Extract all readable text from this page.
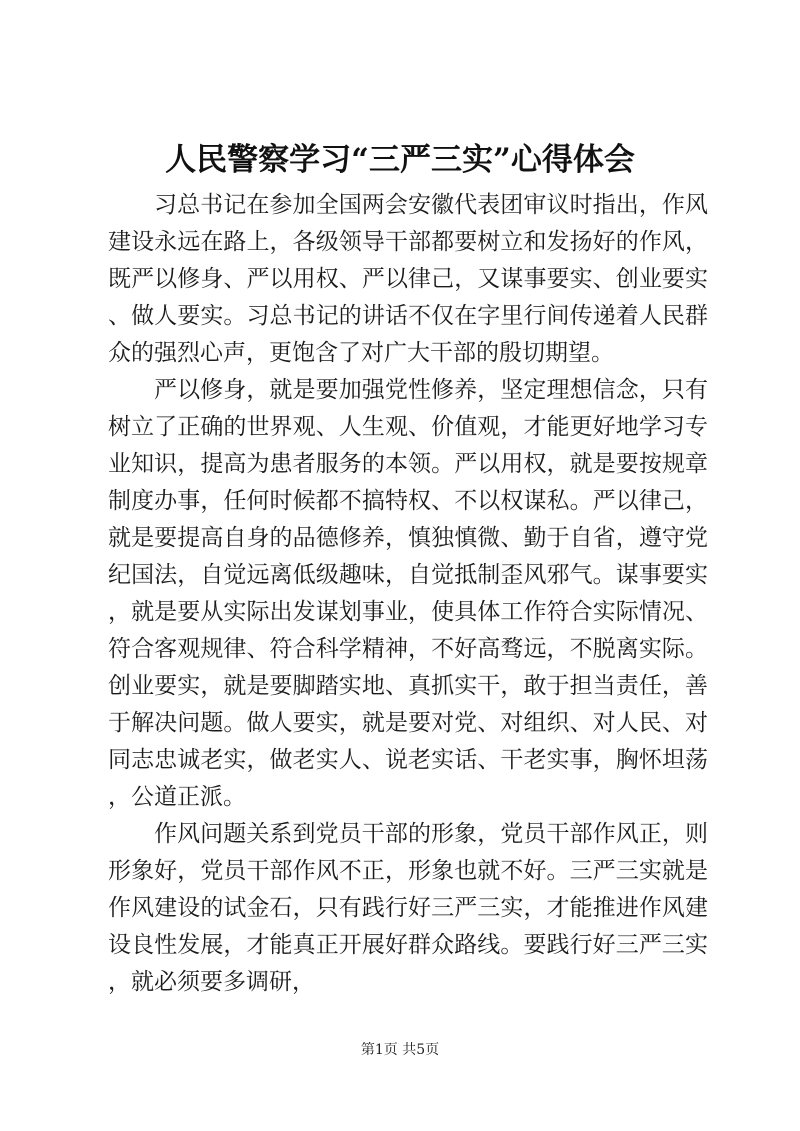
人民警察学习“三严三实”心得体会

习总书记在参加全国两会安徽代表团审议时指出，作风建设永远在路上，各级领导干部都要树立和发扬好的作风，既严以修身、严以用权、严以律己，又谋事要实、创业要实、做人要实。习总书记的讲话不仅在字里行间传递着人民群众的强烈心声，更饱含了对广大干部的殷切期望。

严以修身，就是要加强党性修养，坚定理想信念，只有树立了正确的世界观、人生观、价值观，才能更好地学习专业知识，提高为患者服务的本领。严以用权，就是要按规章制度办事，任何时候都不搞特权、不以权谋私。严以律己，就是要提高自身的品德修养，慎独慎微、勤于自省，遵守党纪国法，自觉远离低级趣味，自觉抵制歪风邪气。谋事要实，就是要从实际出发谋划事业，使具体工作符合实际情况、符合客观规律、符合科学精神，不好高骛远，不脱离实际。创业要实，就是要脚踏实地、真抓实干，敢于担当责任，善于解决问题。做人要实，就是要对党、对组织、对人民、对同志忠诚老实，做老实人、说老实话、干老实事，胸怀坦荡，公道正派。

作风问题关系到党员干部的形象，党员干部作风正，则形象好，党员干部作风不正，形象也就不好。三严三实就是作风建设的试金石，只有践行好三严三实，才能推进作风建设良性发展，才能真正开展好群众路线。要践行好三严三实，就必须要多调研，

第1页 共5页
